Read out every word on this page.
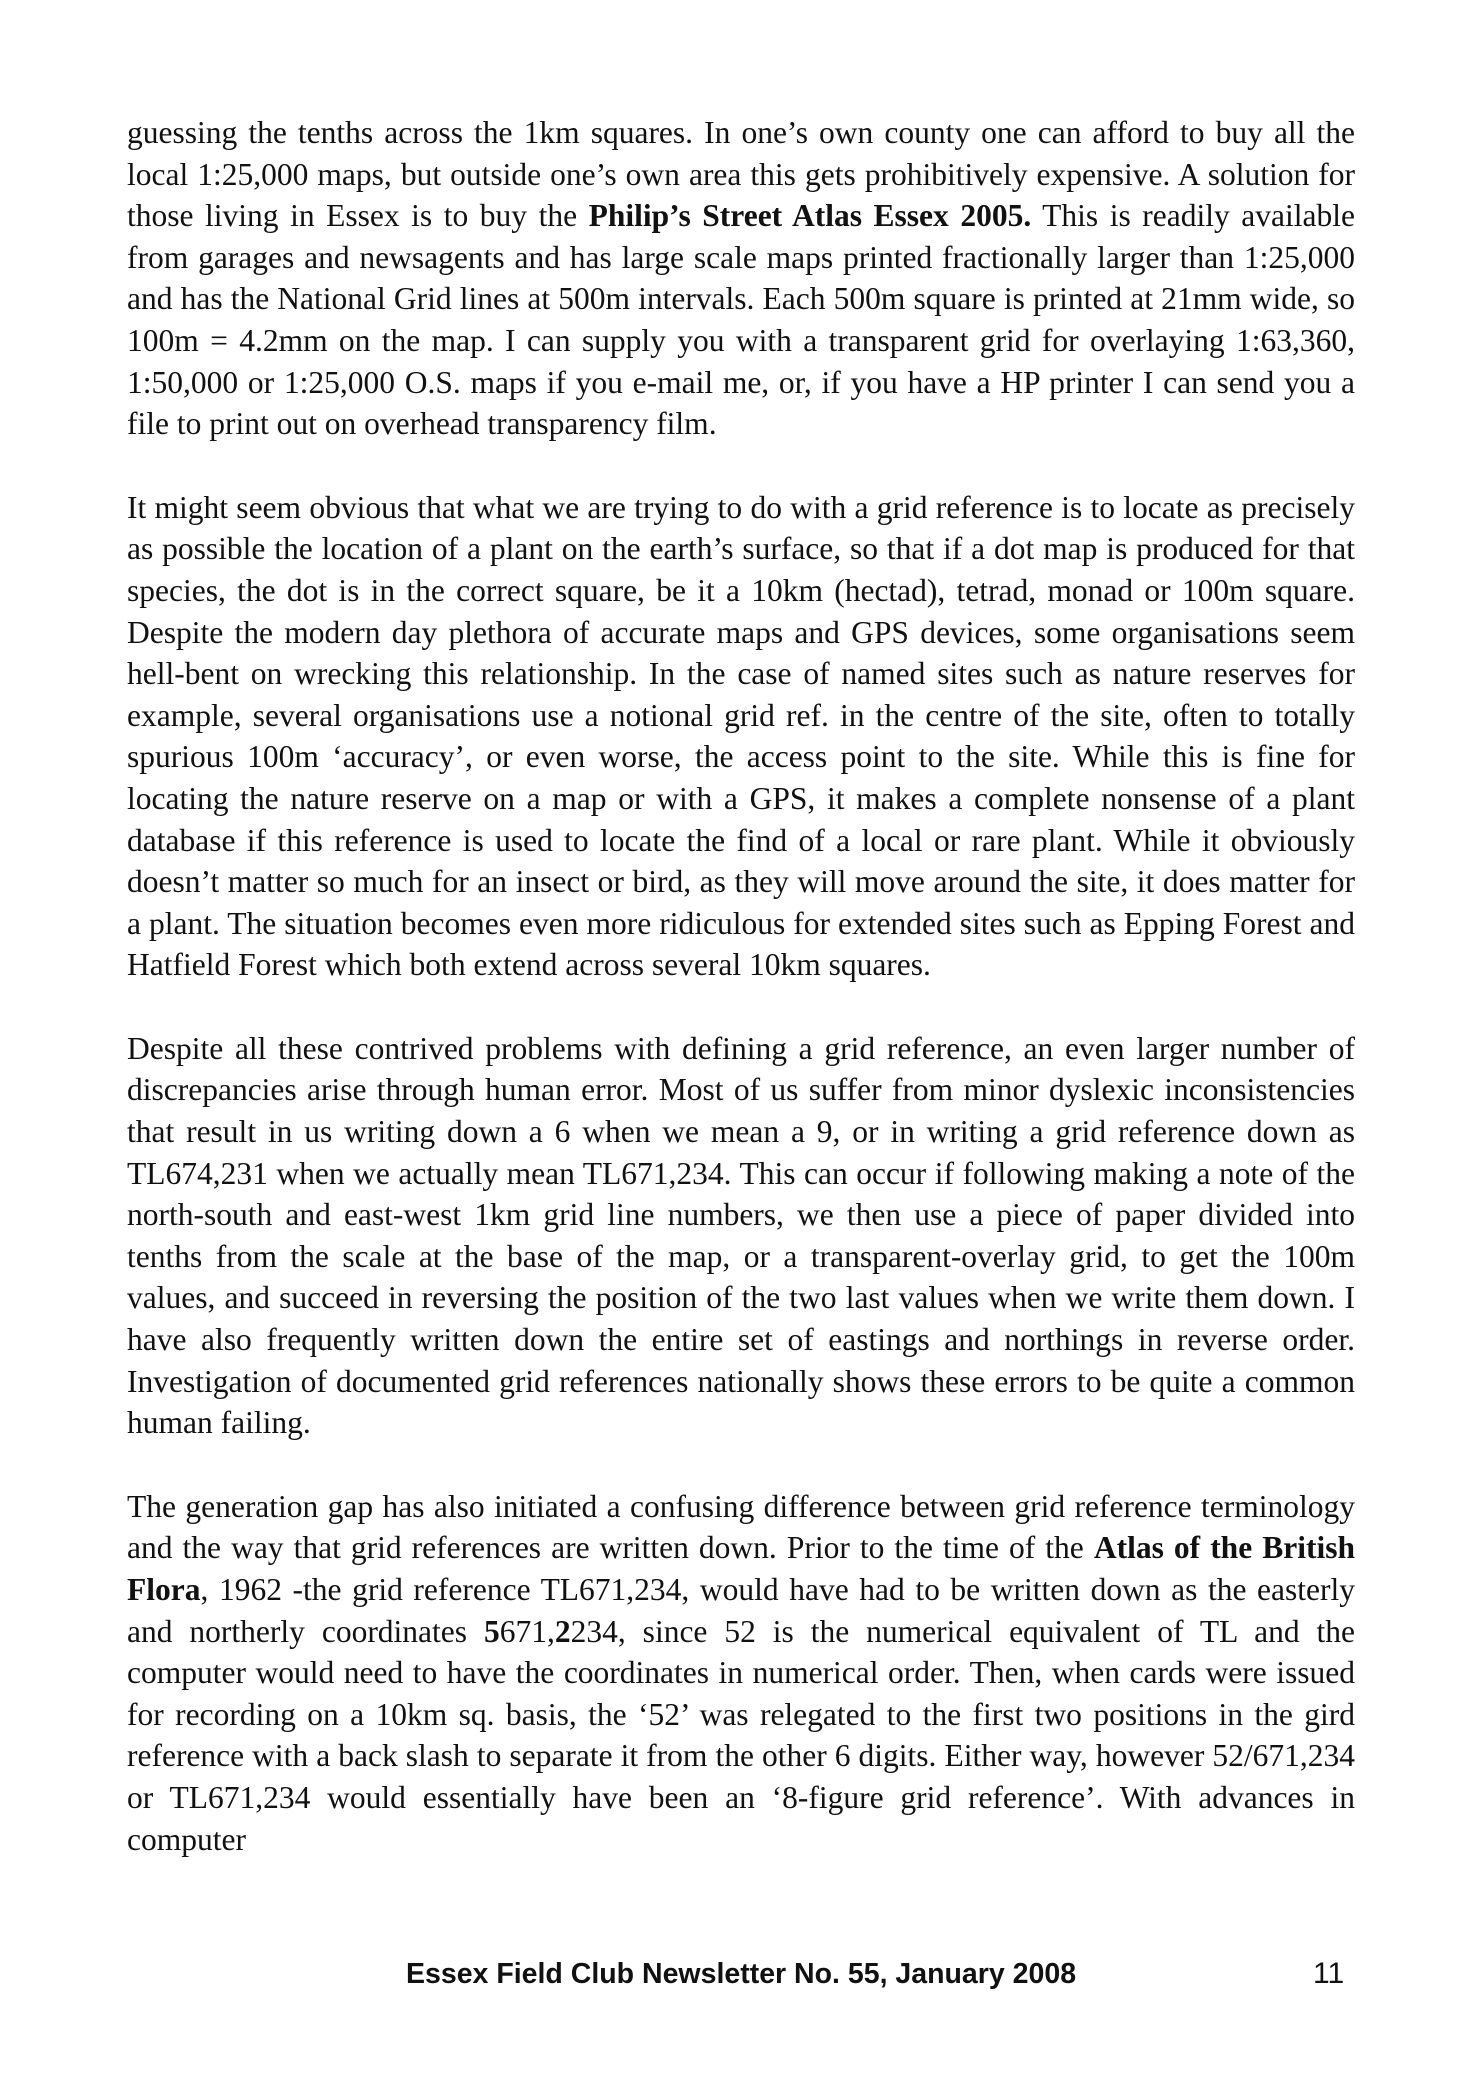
guessing the tenths across the 1km squares. In one’s own county one can afford to buy all the local 1:25,000 maps, but outside one’s own area this gets prohibitively expensive. A solution for those living in Essex is to buy the Philip’s Street Atlas Essex 2005. This is readily available from garages and newsagents and has large scale maps printed fractionally larger than 1:25,000 and has the National Grid lines at 500m intervals. Each 500m square is printed at 21mm wide, so 100m = 4.2mm on the map. I can supply you with a transparent grid for overlaying 1:63,360, 1:50,000 or 1:25,000 O.S. maps if you e-mail me, or, if you have a HP printer I can send you a file to print out on overhead transparency film.

It might seem obvious that what we are trying to do with a grid reference is to locate as precisely as possible the location of a plant on the earth’s surface, so that if a dot map is produced for that species, the dot is in the correct square, be it a 10km (hectad), tetrad, monad or 100m square. Despite the modern day plethora of accurate maps and GPS devices, some organisations seem hell-bent on wrecking this relationship. In the case of named sites such as nature reserves for example, several organisations use a notional grid ref. in the centre of the site, often to totally spurious 100m ‘accuracy’, or even worse, the access point to the site. While this is fine for locating the nature reserve on a map or with a GPS, it makes a complete nonsense of a plant database if this reference is used to locate the find of a local or rare plant. While it obviously doesn’t matter so much for an insect or bird, as they will move around the site, it does matter for a plant. The situation becomes even more ridiculous for extended sites such as Epping Forest and Hatfield Forest which both extend across several 10km squares.

Despite all these contrived problems with defining a grid reference, an even larger number of discrepancies arise through human error. Most of us suffer from minor dyslexic inconsistencies that result in us writing down a 6 when we mean a 9, or in writing a grid reference down as TL674,231 when we actually mean TL671,234. This can occur if following making a note of the north-south and east-west 1km grid line numbers, we then use a piece of paper divided into tenths from the scale at the base of the map, or a transparent-overlay grid, to get the 100m values, and succeed in reversing the position of the two last values when we write them down. I have also frequently written down the entire set of eastings and northings in reverse order. Investigation of documented grid references nationally shows these errors to be quite a common human failing.

The generation gap has also initiated a confusing difference between grid reference terminology and the way that grid references are written down. Prior to the time of the Atlas of the British Flora, 1962 -the grid reference TL671,234, would have had to be written down as the easterly and northerly coordinates 5671,2234, since 52 is the numerical equivalent of TL and the computer would need to have the coordinates in numerical order. Then, when cards were issued for recording on a 10km sq. basis, the ‘52’ was relegated to the first two positions in the gird reference with a back slash to separate it from the other 6 digits. Either way, however 52/671,234 or TL671,234 would essentially have been an ‘8-figure grid reference’. With advances in computer

Essex Field Club Newsletter No. 55, January 2008	11
